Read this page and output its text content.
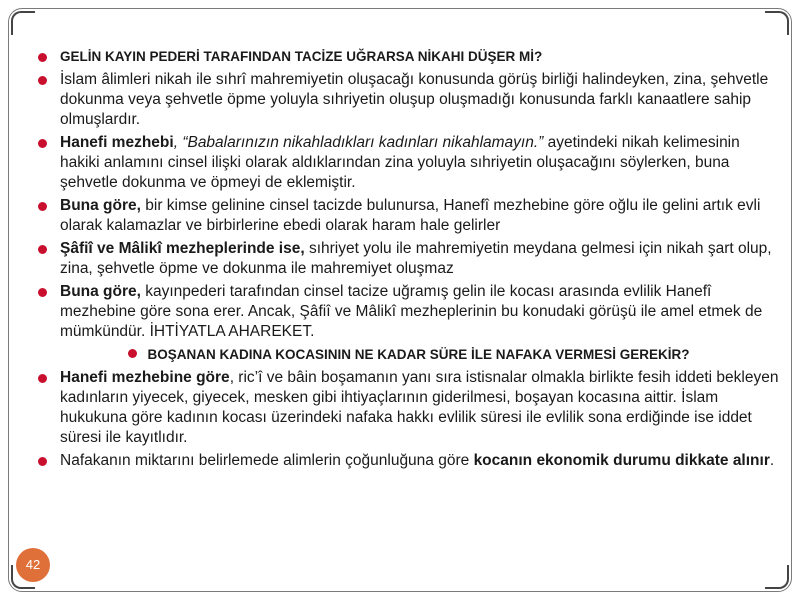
GELİN KAYIN PEDERİ TARAFINDAN TACİZE UĞRARSA NİKAHI DÜŞER Mİ?
İslam âlimleri nikah ile sıhrî mahremiyetin oluşacağı konusunda görüş birliği halindeyken, zina, şehvetle dokunma veya şehvetle öpme yoluyla sıhriyetin oluşup oluşmadığı konusunda farklı kanaatlere sahip olmuşlardır.
Hanefi mezhebi, “Babalarınızın nikahladıkları kadınları nikahlamayın.” ayetindeki nikah kelimesinin hakiki anlamını cinsel ilişki olarak aldıklarından zina yoluyla sıhriyetin oluşacağını söylerken, buna şehvetle dokunma ve öpmeyi de eklemiştir.
Buna göre, bir kimse gelinine cinsel tacizde bulunursa, Hanefî mezhebine göre oğlu ile gelini artık evli olarak kalamazlar ve birbirlerine ebedi olarak haram hale gelirler
Şâfiî ve Mâlikî mezheplerinde ise, sıhriyet yolu ile mahremiyetin meydana gelmesi için nikah şart olup, zina, şehvetle öpme ve dokunma ile mahremiyet oluşmaz
Buna göre, kayınpederi tarafından cinsel tacize uğramış gelin ile kocası arasında evlilik Hanefî mezhebine göre sona erer. Ancak, Şâfiî ve Mâlikî mezheplerinin bu konudaki görüşü ile amel etmek de mümkündür. İHTİYATLA AHAREKET.
BOŞANAN KADINA KOCASININ NE KADAR SÜRE İLE NAFAKA VERMESİ GEREKİR?
Hanefi mezhebine göre, ric’î ve bâin boşamanın yanı sıra istisnalar olmakla birlikte fesih iddeti bekleyen kadınların yiyecek, giyecek, mesken gibi ihtiyaçlarının giderilmesi, boşayan kocasına aittir. İslam hukukuna göre kadının kocası üzerindeki nafaka hakkı evlilik süresi ile evlilik sona erdiğinde ise iddet süresi ile kayıtlıdır.
Nafakanın miktarını belirlemede alimlerin çoğunluğuna göre kocanın ekonomik durumu dikkate alınır.
42
